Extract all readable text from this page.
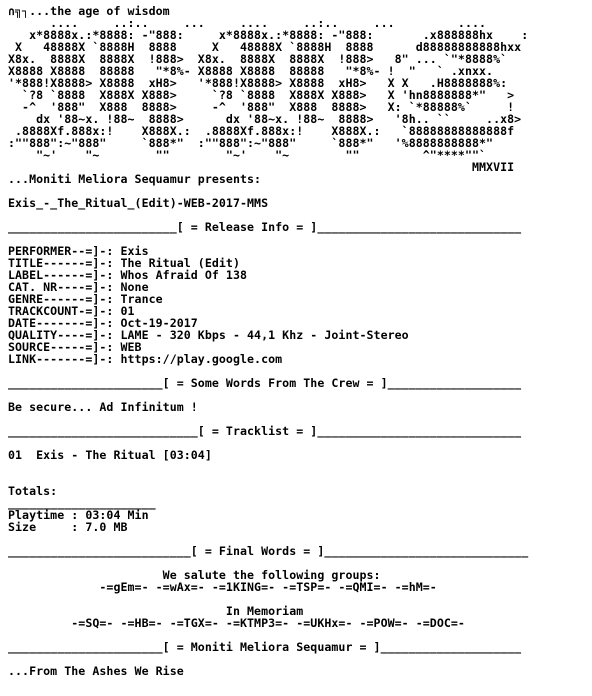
∩╗┐...the age of wisdom
....     ..:..     ...     ....     ..:..     ...         ....
x*8888x.:*8888: -"888:     x*8888x.:*8888: -"888:       .x888888hx    :
X   48888X `8888H  8888     X   48888X `8888H  8888      d88888888888hxx
X8x.  8888X  8888X  !888>  X8x.  8888X  8888X  !888>   8" ... `"*8888%`
X8888 X8888  88888   "*8%- X8888 X8888  88888   "*8%- !  "   ` .xnxx.
'*888!X8888> X8888  xH8>   '*888!X8888> X8888  xH8>   X X   .H8888888%:
`?8 `8888  X888X X888>     `?8 `8888  X888X X888>   X 'hn8888888*"   >
-^  '888"  X888  8888>     -^  '888"  X888  8888>   X: `*88888%`     !
dx '88~x. !88~  8888>      dx '88~x. !88~  8888>   '8h.. ``     ..x8>
.8888Xf.888x:!    X888X.:  .8888Xf.888x:!    X888X.:   `88888888888888f
:""888":~"888"     `888*"  :""888":~"888"     `888*"   '%8888888888*"
"~'    "~        ""        "~'    "~        ""         ^"****""`
MMXVII
...Moniti Meliora Sequamur presents:

Exis_-_The_Ritual_(Edit)-WEB-2017-MMS

________________________[ = Release Info = ]_____________________________

PERFORMER--=]-: Exis
TITLE------=]-: The Ritual (Edit)
LABEL------=]-: Whos Afraid Of 138
CAT. NR----=]-: None
GENRE------=]-: Trance
TRACKCOUNT-=]-: 01
DATE-------=]-: Oct-19-2017
QUALITY----=]-: LAME - 320 Kbps - 44,1 Khz - Joint-Stereo
SOURCE-----=]-: WEB
LINK-------=]-: https://play.google.com

______________________[ = Some Words From The Crew = ]___________________

Be secure... Ad Infinitum !

___________________________[ = Tracklist = ]_____________________________

01  Exis - The Ritual [03:04]

Totals:
_____________________
Playtime : 03:04 Min
Size     : 7.0 MB

__________________________[ = Final Words = ]_____________________________

We salute the following groups:
-=gEm=- -=wAx=- -=1KING=- -=TSP=- -=QMI=- -=hM=-

In Memoriam
-=SQ=- -=HB=- -=TGX=- -=KTMP3=- -=UKHx=- -=POW=- -=DOC=-

______________________[ = Moniti Meliora Sequamur = ]____________________

...From The Ashes We Rise
